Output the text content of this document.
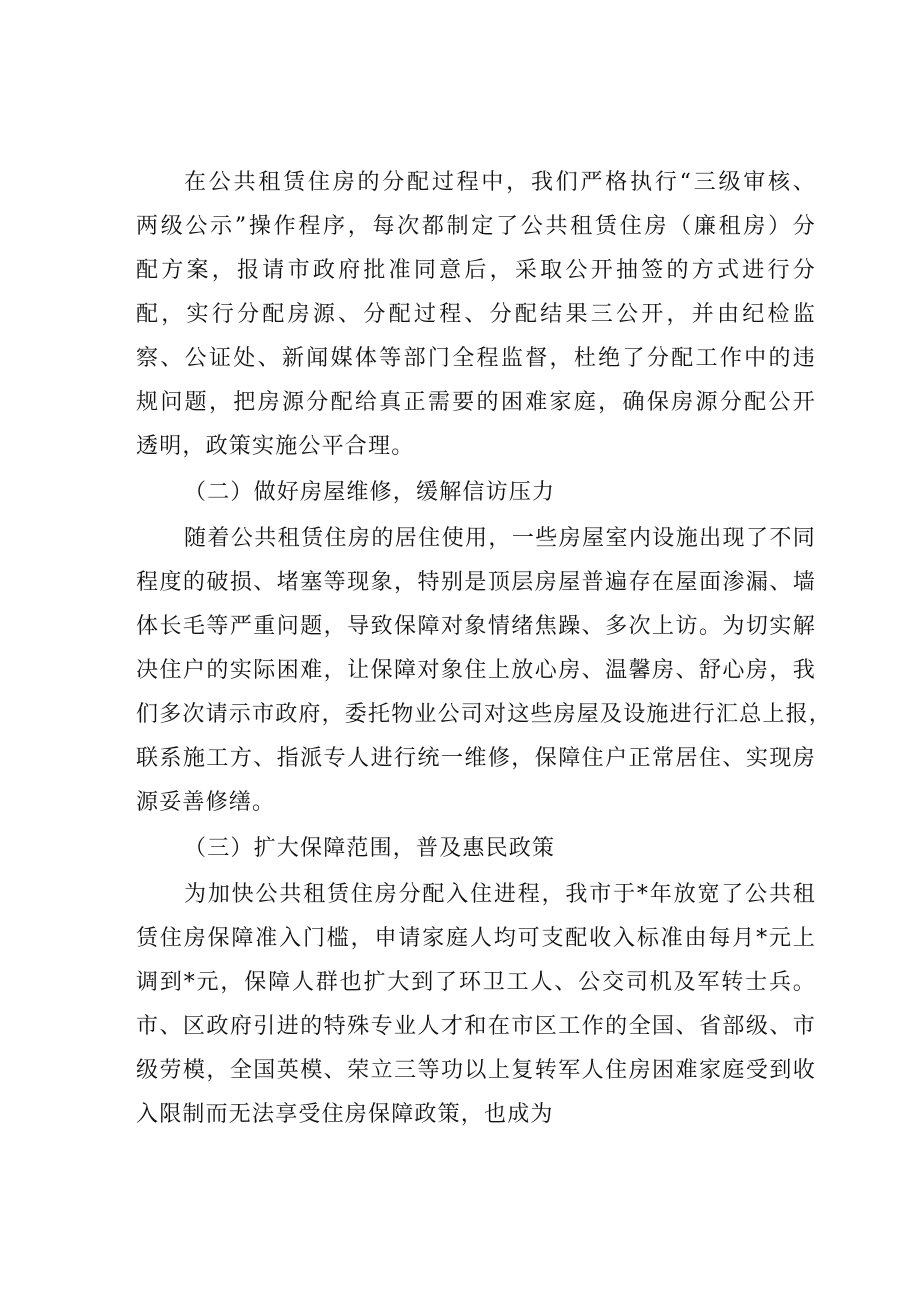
在公共租赁住房的分配过程中，我们严格执行“三级审核、
两级公示”操作程序，每次都制定了公共租赁住房（廉租房）分
配方案，报请市政府批准同意后，采取公开抽签的方式进行分
配，实行分配房源、分配过程、分配结果三公开，并由纪检监
察、公证处、新闻媒体等部门全程监督，杜绝了分配工作中的违
规问题，把房源分配给真正需要的困难家庭，确保房源分配公开
透明，政策实施公平合理。
（二）做好房屋维修，缓解信访压力
随着公共租赁住房的居住使用，一些房屋室内设施出现了不同
程度的破损、堵塞等现象，特别是顶层房屋普遍存在屋面渗漏、墙
体长毛等严重问题，导致保障对象情绪焦躁、多次上访。为切实解
决住户的实际困难，让保障对象住上放心房、温馨房、舒心房，我
们多次请示市政府，委托物业公司对这些房屋及设施进行汇总上报，
联系施工方、指派专人进行统一维修，保障住户正常居住、实现房
源妥善修缮。
（三）扩大保障范围，普及惠民政策
为加快公共租赁住房分配入住进程，我市于*年放宽了公共租
赁住房保障准入门槛，申请家庭人均可支配收入标准由每月*元上
调到*元，保障人群也扩大到了环卫工人、公交司机及军转士兵。
市、区政府引进的特殊专业人才和在市区工作的全国、省部级、市
级劳模，全国英模、荣立三等功以上复转军人住房困难家庭受到收
入限制而无法享受住房保障政策，也成为
